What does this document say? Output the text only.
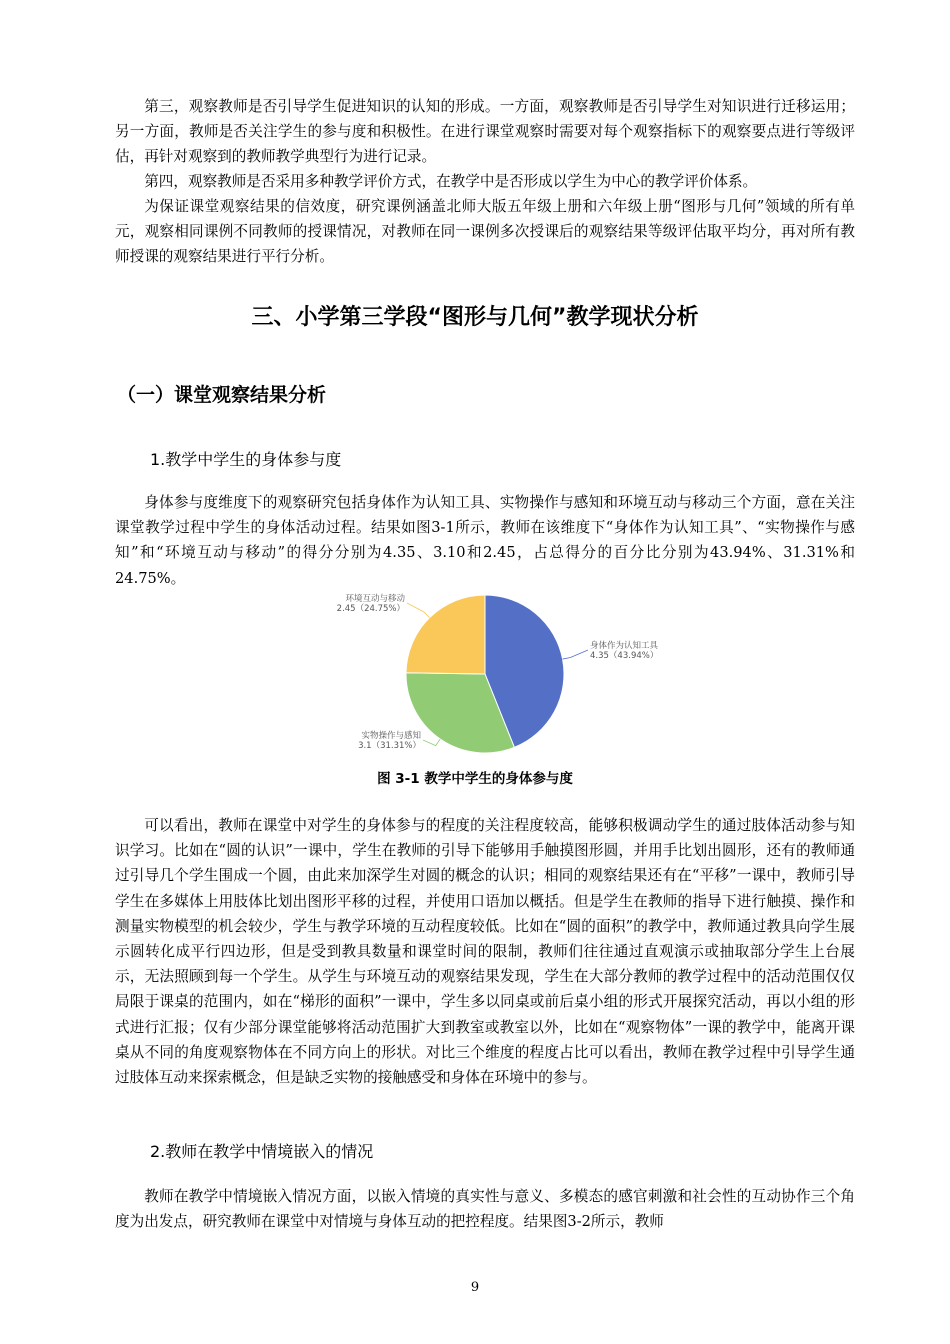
第三，观察教师是否引导学生促进知识的认知的形成。一方面，观察教师是否引导学生对知识进行迁移运用；另一方面，教师是否关注学生的参与度和积极性。在进行课堂观察时需要对每个观察指标下的观察要点进行等级评估，再针对观察到的教师教学典型行为进行记录。

第四，观察教师是否采用多种教学评价方式，在教学中是否形成以学生为中心的教学评价体系。

为保证课堂观察结果的信效度，研究课例涵盖北师大版五年级上册和六年级上册“图形与几何”领域的所有单元，观察相同课例不同教师的授课情况，对教师在同一课例多次授课后的观察结果等级评估取平均分，再对所有教师授课的观察结果进行平行分析。

三、小学第三学段“图形与几何”教学现状分析
（一）课堂观察结果分析
1.教学中学生的身体参与度

身体参与度维度下的观察研究包括身体作为认知工具、实物操作与感知和环境互动与移动三个方面，意在关注课堂教学过程中学生的身体活动过程。结果如图3-1所示，教师在该维度下“身体作为认知工具”、“实物操作与感知”和“环境互动与移动”的得分分别为4.35、3.10和2.45，占总得分的百分比分别为43.94%、31.31%和24.75%。

身体作为认知工具
4.35（43.94%）
实物操作与感知
3.1（31.31%）
环境互动与移动
2.45（24.75%）
图 3-1 教学中学生的身体参与度

可以看出，教师在课堂中对学生的身体参与的程度的关注程度较高，能够积极调动学生的通过肢体活动参与知识学习。比如在“圆的认识”一课中，学生在教师的引导下能够用手触摸图形圆，并用手比划出圆形，还有的教师通过引导几个学生围成一个圆，由此来加深学生对圆的概念的认识；相同的观察结果还有在“平移”一课中，教师引导学生在多媒体上用肢体比划出图形平移的过程，并使用口语加以概括。但是学生在教师的指导下进行触摸、操作和测量实物模型的机会较少，学生与教学环境的互动程度较低。比如在“圆的面积”的教学中，教师通过教具向学生展示圆转化成平行四边形，但是受到教具数量和课堂时间的限制，教师们往往通过直观演示或抽取部分学生上台展示，无法照顾到每一个学生。从学生与环境互动的观察结果发现，学生在大部分教师的教学过程中的活动范围仅仅局限于课桌的范围内，如在“梯形的面积”一课中，学生多以同桌或前后桌小组的形式开展探究活动，再以小组的形式进行汇报；仅有少部分课堂能够将活动范围扩大到教室或教室以外，比如在“观察物体”一课的教学中，能离开课桌从不同的角度观察物体在不同方向上的形状。对比三个维度的程度占比可以看出，教师在教学过程中引导学生通过肢体互动来探索概念，但是缺乏实物的接触感受和身体在环境中的参与。

2.教师在教学中情境嵌入的情况

教师在教学中情境嵌入情况方面，以嵌入情境的真实性与意义、多模态的感官刺激和社会性的互动协作三个角度为出发点，研究教师在课堂中对情境与身体互动的把控程度。结果图3-2所示，教师

9
